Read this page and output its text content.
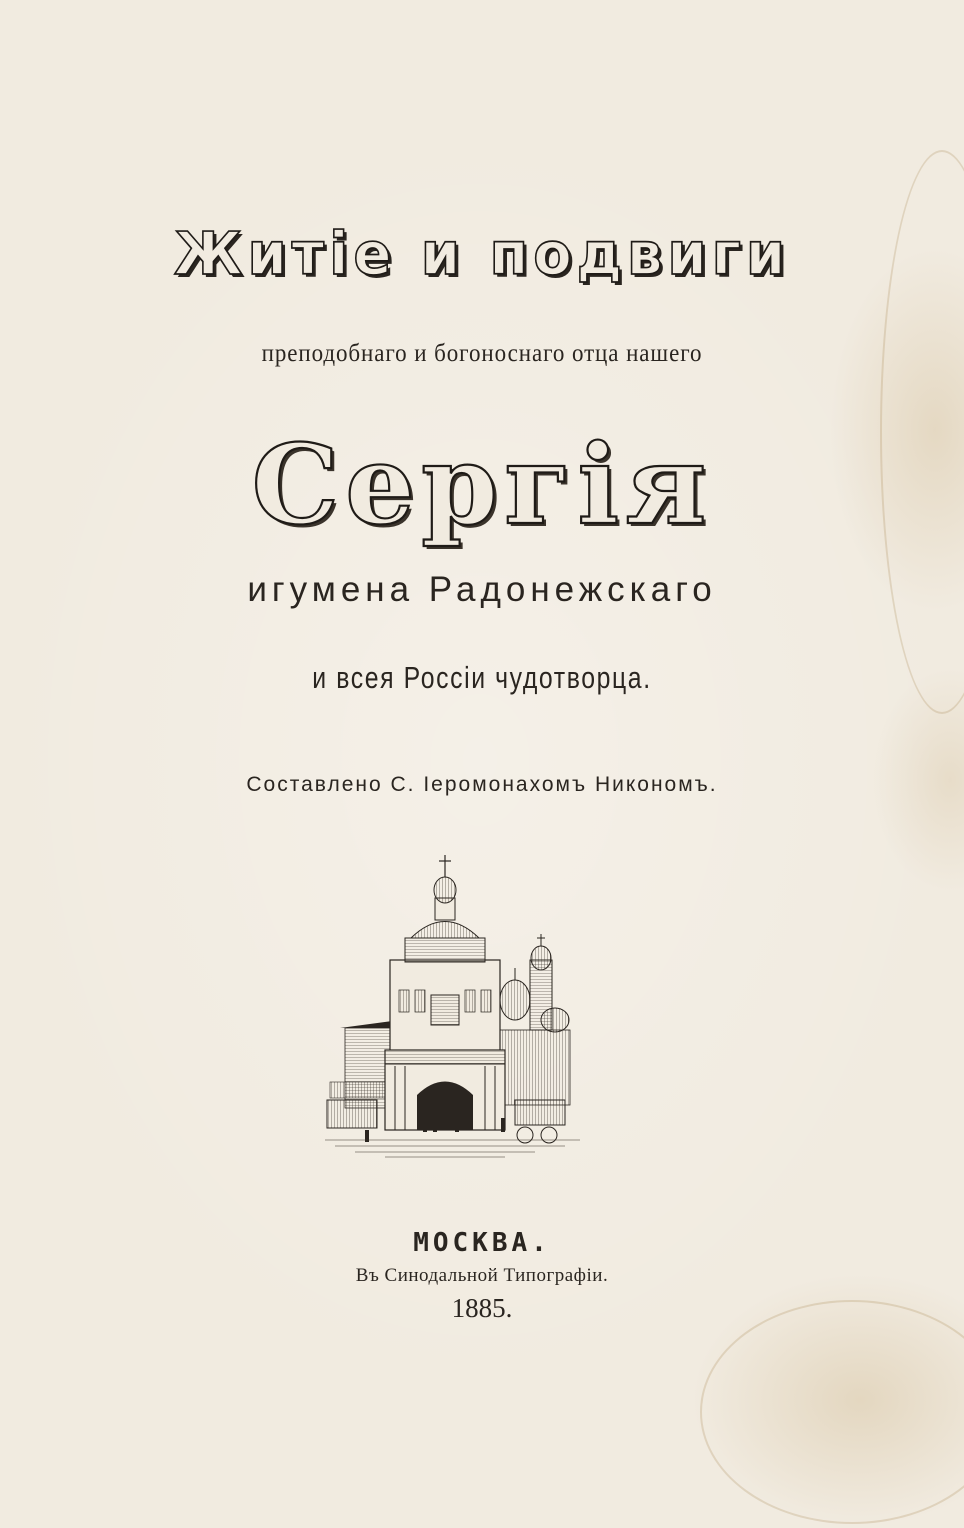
Житіе и подвиги
преподобнаго и богоноснаго отца нашего
Сергія
игумена Радонежскаго
и всея Россіи чудотворца.
Составлено С. Іеромонахомъ Никономъ.
МОСКВА.
Въ Синодальной Типографіи.
1885.
